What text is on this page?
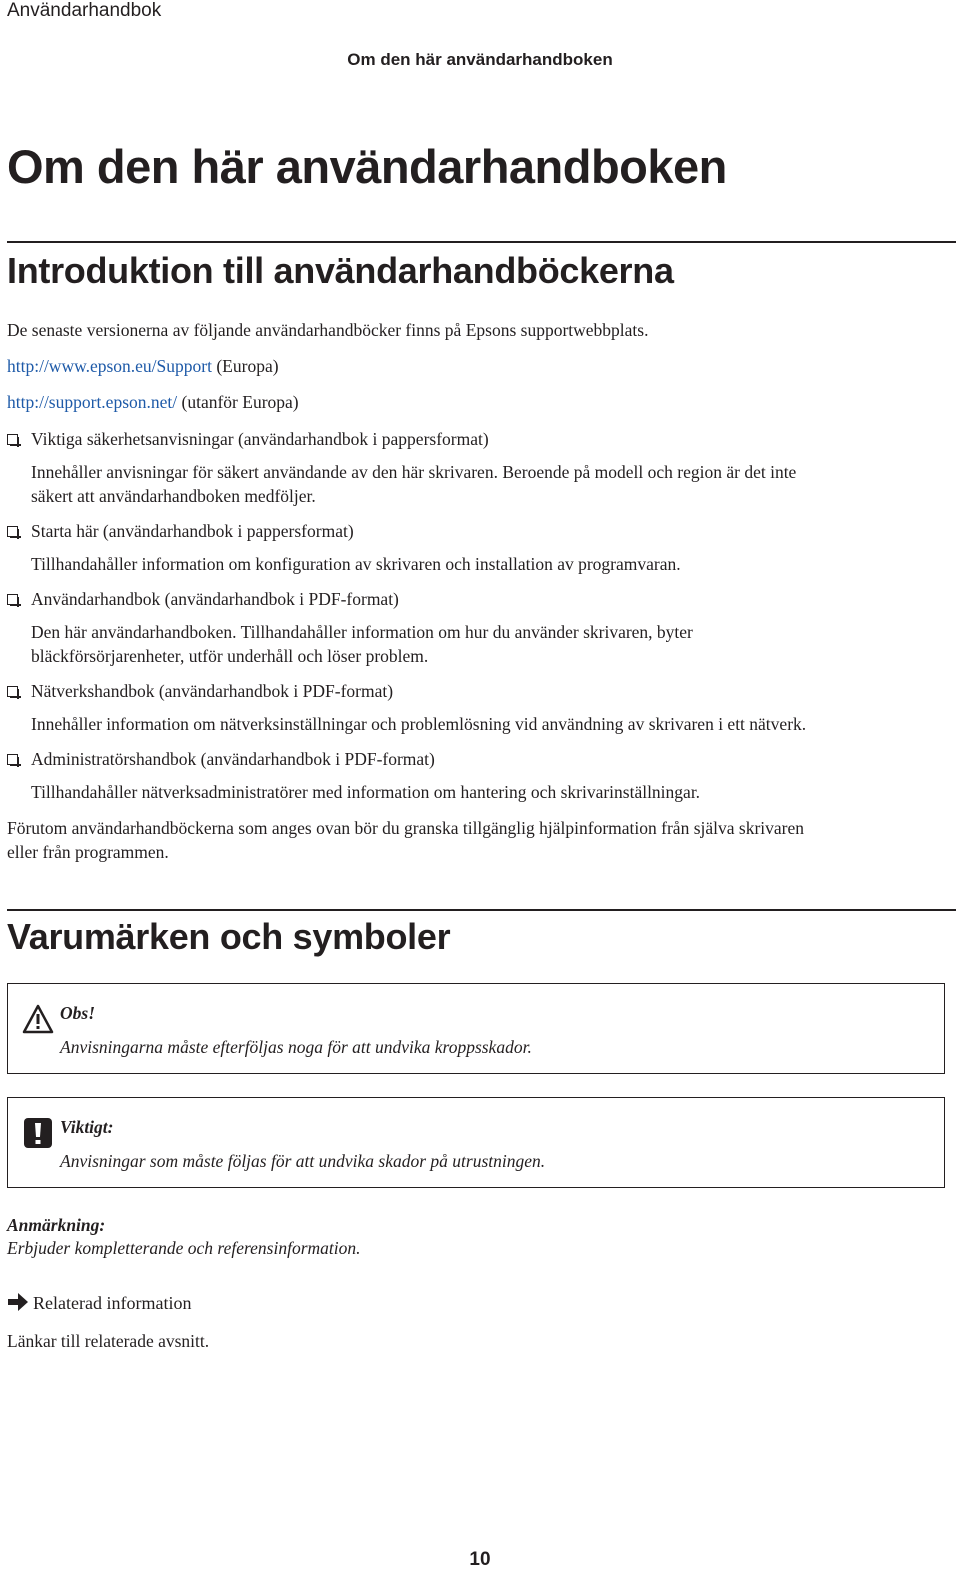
Användarhandbok
Om den här användarhandboken
Om den här användarhandboken
Introduktion till användarhandböckerna
De senaste versionerna av följande användarhandböcker finns på Epsons supportwebbplats.
http://www.epson.eu/Support (Europa)
http://support.epson.net/ (utanför Europa)
Viktiga säkerhetsanvisningar (användarhandbok i pappersformat)
Innehåller anvisningar för säkert användande av den här skrivaren. Beroende på modell och region är det inte
säkert att användarhandboken medföljer.
Starta här (användarhandbok i pappersformat)
Tillhandahåller information om konfiguration av skrivaren och installation av programvaran.
Användarhandbok (användarhandbok i PDF-format)
Den här användarhandboken. Tillhandahåller information om hur du använder skrivaren, byter
bläckförsörjarenheter, utför underhåll och löser problem.
Nätverkshandbok (användarhandbok i PDF-format)
Innehåller information om nätverksinställningar och problemlösning vid användning av skrivaren i ett nätverk.
Administratörshandbok (användarhandbok i PDF-format)
Tillhandahåller nätverksadministratörer med information om hantering och skrivarinställningar.
Förutom användarhandböckerna som anges ovan bör du granska tillgänglig hjälpinformation från själva skrivaren
eller från programmen.
Varumärken och symboler
Obs!
Anvisningarna måste efterföljas noga för att undvika kroppsskador.
Viktigt:
Anvisningar som måste följas för att undvika skador på utrustningen.
Anmärkning:
Erbjuder kompletterande och referensinformation.
Relaterad information
Länkar till relaterade avsnitt.
10
